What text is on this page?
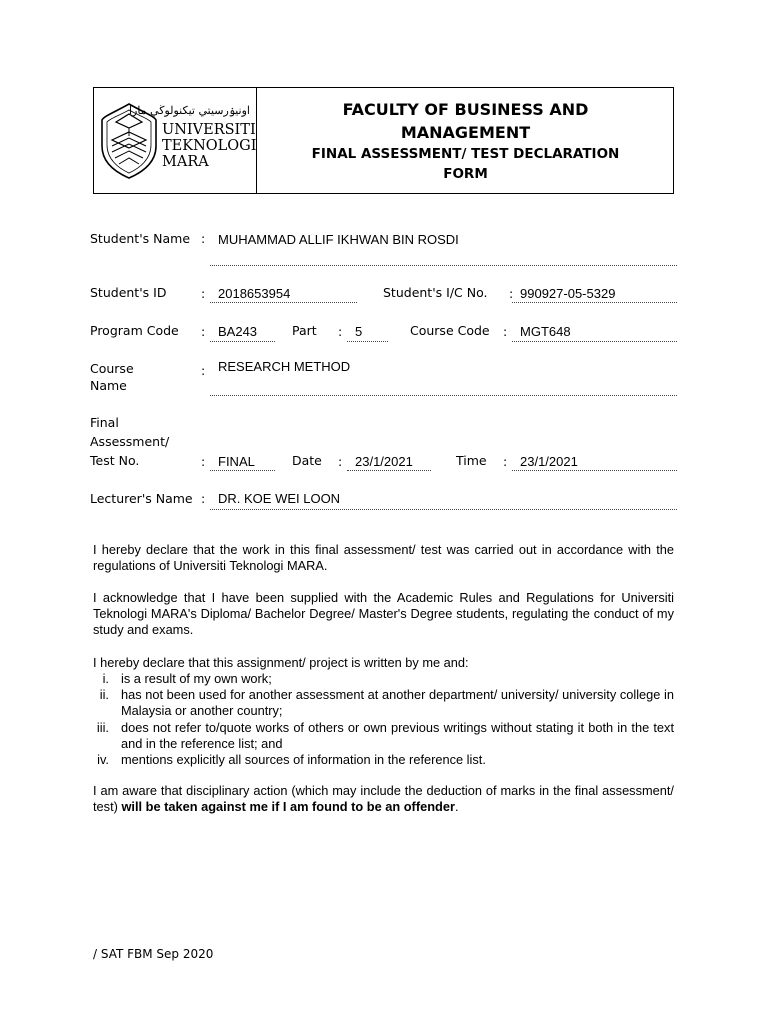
اونيۏرسيتي تيكنولوڬي مارا
UNIVERSITI
TEKNOLOGI
MARA
FACULTY OF BUSINESS AND
MANAGEMENT
FINAL ASSESSMENT/ TEST DECLARATION
FORM
Student's Name : MUHAMMAD ALLIF IKHWAN BIN ROSDI
Student's ID	: 2018653954	Student's I/C No. : 990927-05-5329
Program Code : BA243	Part : 5	Course Code : MGT648
Course
Name
: RESEARCH METHOD
Final
Assessment/
Test No.	: FINAL	Date : 23/1/2021	Time : 23/1/2021
Lecturer's Name : DR. KOE WEI LOON
I hereby declare that the work in this final assessment/ test was carried out in accordance with the regulations of Universiti Teknologi MARA.
I acknowledge that I have been supplied with the Academic Rules and Regulations for Universiti Teknologi MARA's Diploma/ Bachelor Degree/ Master's Degree students, regulating the conduct of my study and exams.
I hereby declare that this assignment/ project is written by me and:
i. is a result of my own work;
ii. has not been used for another assessment at another department/ university/ university college in Malaysia or another country;
iii. does not refer to/quote works of others or own previous writings without stating it both in the text and in the reference list; and
iv. mentions explicitly all sources of information in the reference list.
I am aware that disciplinary action (which may include the deduction of marks in the final assessment/ test) will be taken against me if I am found to be an offender.
/ SAT FBM Sep 2020
